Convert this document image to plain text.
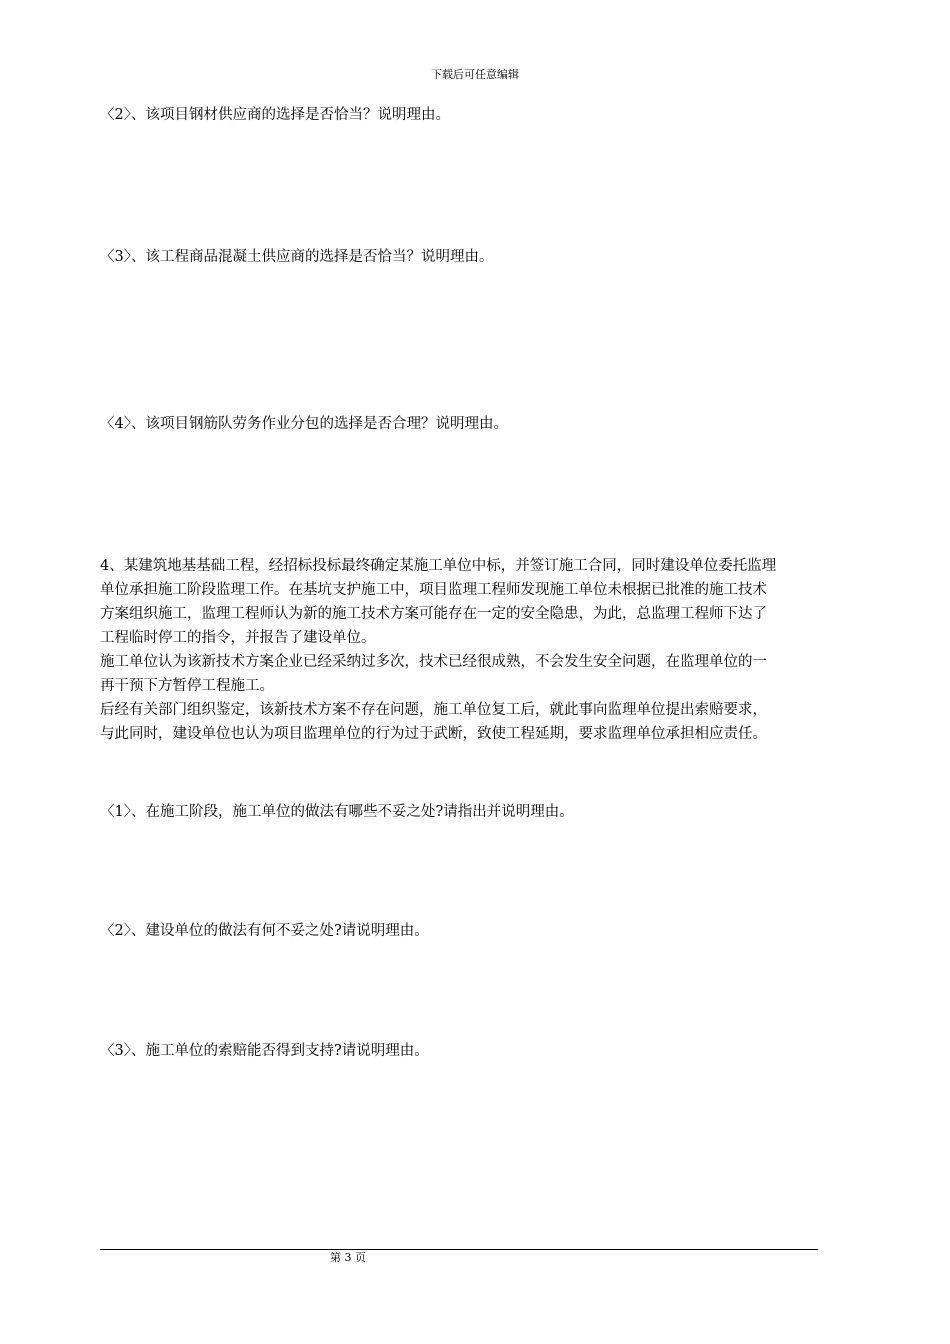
下载后可任意编辑
〈2〉、该项目钢材供应商的选择是否恰当？说明理由。
〈3〉、该工程商品混凝土供应商的选择是否恰当？说明理由。
〈4〉、该项目钢筋队劳务作业分包的选择是否合理？说明理由。
4、某建筑地基基础工程，经招标投标最终确定某施工单位中标，并签订施工合同，同时建设单位委托监理
单位承担施工阶段监理工作。在基坑支护施工中，项目监理工程师发现施工单位未根据已批准的施工技术
方案组织施工，监理工程师认为新的施工技术方案可能存在一定的安全隐患，为此，总监理工程师下达了
工程临时停工的指令，并报告了建设单位。
施工单位认为该新技术方案企业已经采纳过多次，技术已经很成熟，不会发生安全问题，在监理单位的一
再干预下方暂停工程施工。
后经有关部门组织鉴定，该新技术方案不存在问题，施工单位复工后，就此事向监理单位提出索赔要求，
与此同时，建设单位也认为项目监理单位的行为过于武断，致使工程延期，要求监理单位承担相应责任。
〈1〉、在施工阶段，施工单位的做法有哪些不妥之处?请指出并说明理由。
〈2〉、建设单位的做法有何不妥之处?请说明理由。
〈3〉、施工单位的索赔能否得到支持?请说明理由。
第 3 页
